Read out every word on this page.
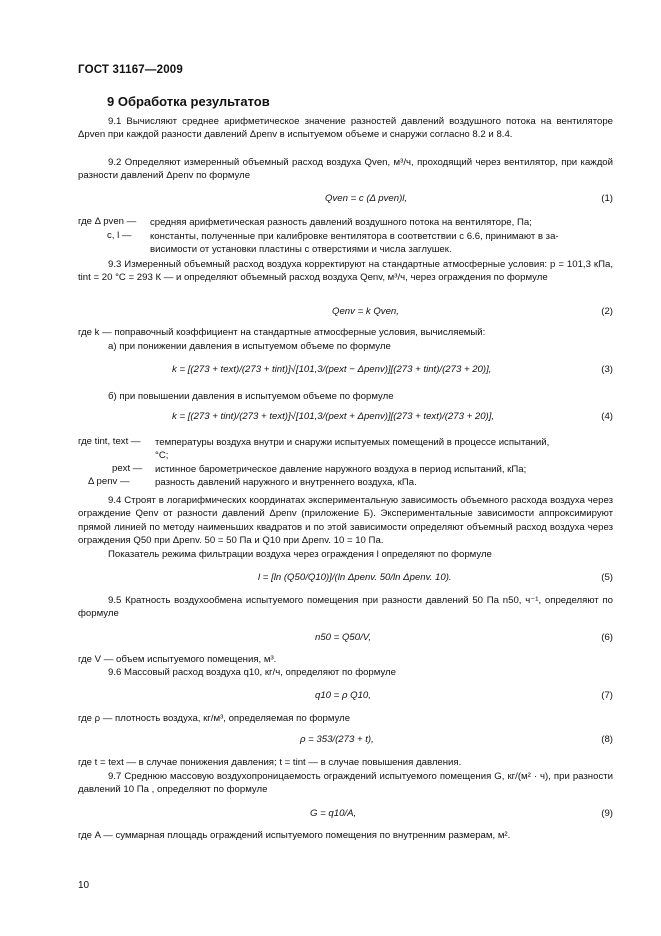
ГОСТ 31167—2009
9 Обработка результатов
9.1 Вычисляют среднее арифметическое значение разностей давлений воздушного потока на вентиляторе Δpven при каждой разности давлений Δpenv в испытуемом объеме и снаружи согласно 8.2 и 8.4.
9.2 Определяют измеренный объемный расход воздуха Qven, м³/ч, проходящий через вентилятор, при каждой разности давлений Δpenv по формуле
Qven = c (Δ pven)l,	(1)
где Δ pven — средняя арифметическая разность давлений воздушного потока на вентиляторе, Па;
c, l — константы, полученные при калибровке вентилятора в соответствии с 6.6, принимают в за-
висимости от установки пластины с отверстиями и числа заглушек.
9.3 Измеренный объемный расход воздуха корректируют на стандартные атмосферные условия: p = 101,3 кПа, tint = 20 °С = 293 К — и определяют объемный расход воздуха Qenv, м³/ч, через ограждения по формуле
Qenv = k Qven,	(2)
где k — поправочный коэффициент на стандартные атмосферные условия, вычисляемый:
а) при понижении давления в испытуемом объеме по формуле
k = [(273 + text)/(273 + tint)]√[101,3/(pext − Δpenv)][(273 + tint)/(273 + 20)],	(3)
б) при повышении давления в испытуемом объеме по формуле
k = [(273 + tint)/(273 + text)]√[101,3/(pext + Δpenv)][(273 + text)/(273 + 20)],	(4)
где tint, text — температуры воздуха внутри и снаружи испытуемых помещений в процессе испытаний,
°С;
pext — истинное барометрическое давление наружного воздуха в период испытаний, кПа;
Δ penv —	разность давлений наружного и внутреннего воздуха, кПа.
9.4 Строят в логарифмических координатах экспериментальную зависимость объемного расхода воздуха через ограждение Qenv от разности давлений Δpenv (приложение Б). Экспериментальные зависимости аппроксимируют прямой линией по методу наименьших квадратов и по этой зависимости определяют объемный расход воздуха через ограждения Q50 при Δpenv. 50 = 50 Па и Q10 при Δpenv. 10 = 10 Па.
Показатель режима фильтрации воздуха через ограждения l определяют по формуле
l = [ln (Q50/Q10)]/(ln Δpenv. 50/ln Δpenv. 10).	(5)
9.5 Кратность воздухообмена испытуемого помещения при разности давлений 50 Па n50, ч⁻¹, определяют по формуле
n50 = Q50/V,	(6)
где V — объем испытуемого помещения, м³.
9.6 Массовый расход воздуха q10, кг/ч, определяют по формуле
q10 = ρ Q10,	(7)
где ρ — плотность воздуха, кг/м³, определяемая по формуле
ρ = 353/(273 + t),	(8)
где t = text — в случае понижения давления; t = tint — в случае повышения давления.
9.7 Среднюю массовую воздухопроницаемость ограждений испытуемого помещения G, кг/(м² · ч), при разности давлений 10 Па , определяют по формуле
G = q10/A,	(9)
где A — суммарная площадь ограждений испытуемого помещения по внутренним размерам, м².
10
